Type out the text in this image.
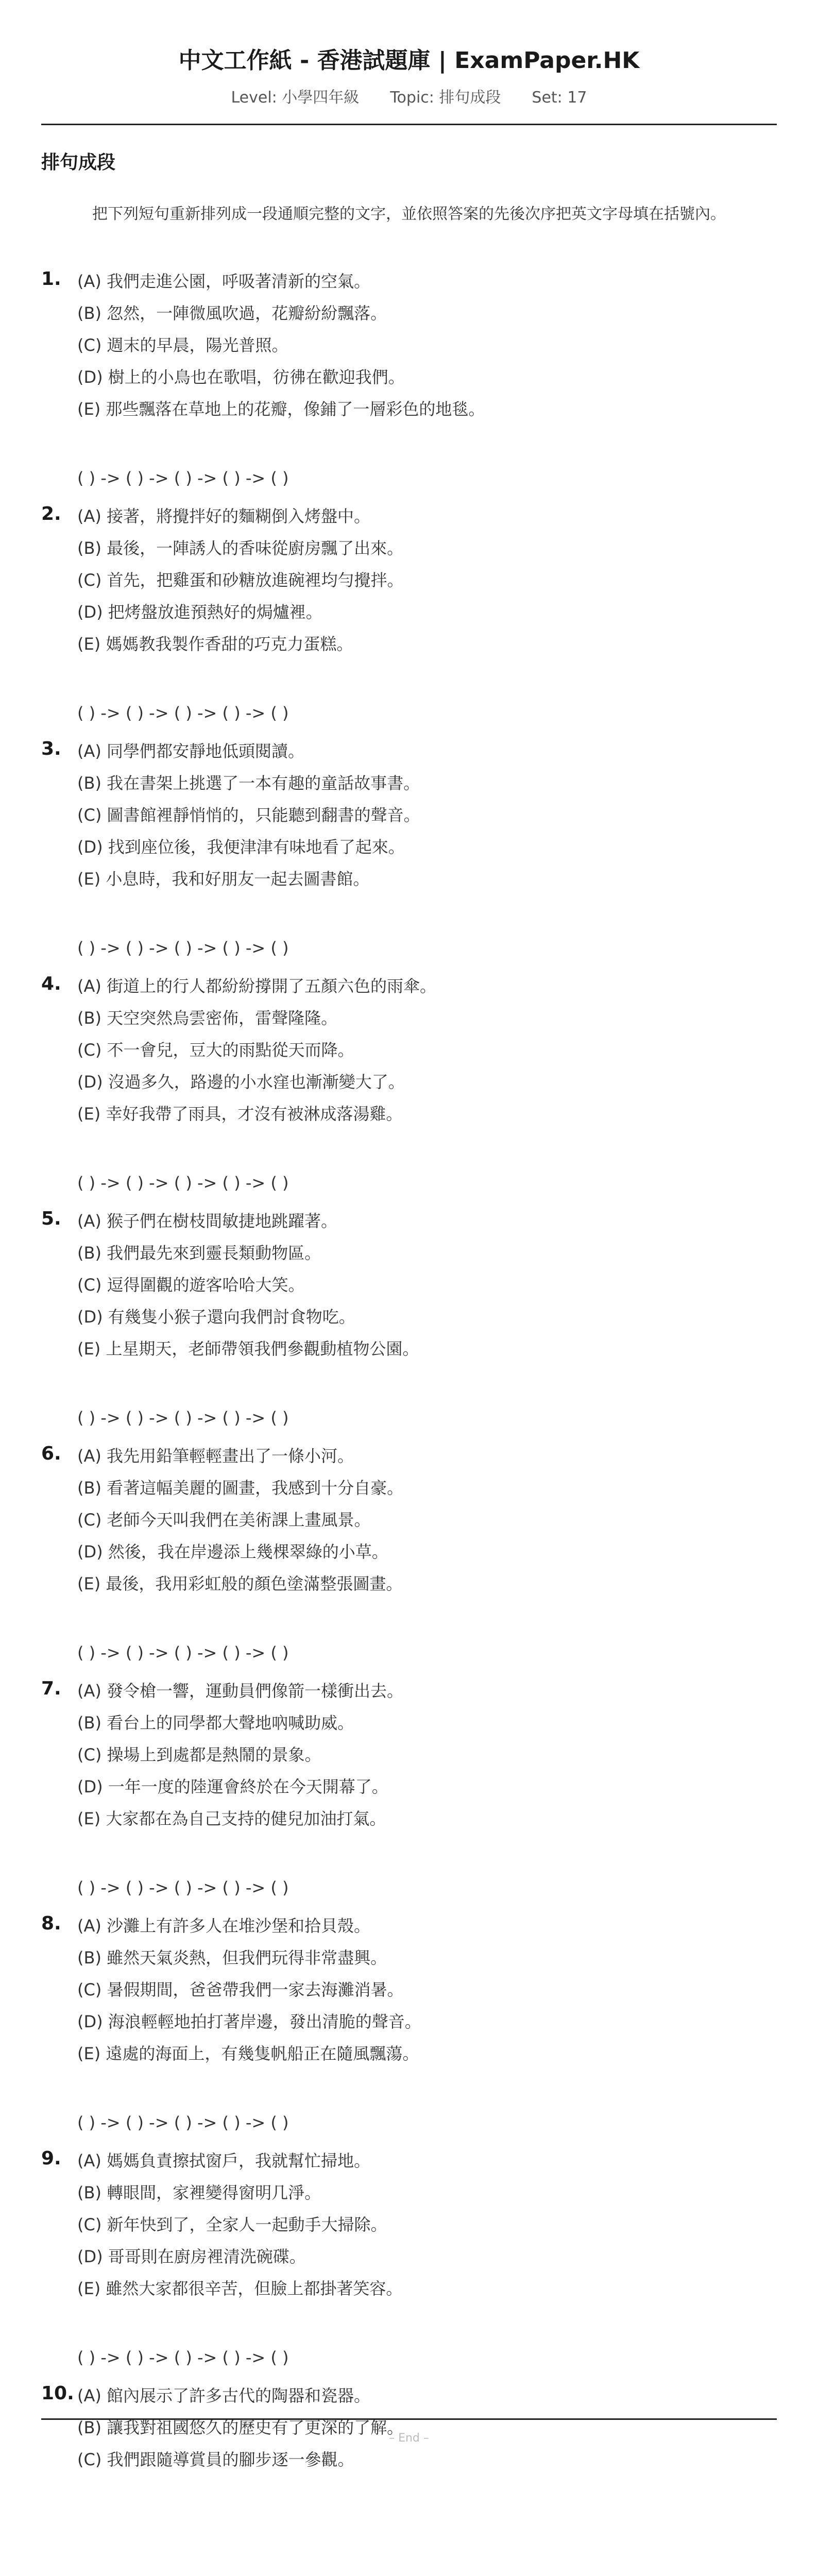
中文工作紙 - 香港試題庫 | ExamPaper.HK
Level: 小學四年級 Topic: 排句成段 Set: 17
排句成段
把下列短句重新排列成一段通順完整的文字，並依照答案的先後次序把英文字母填在括號內。
1. (A) 我們走進公園，呼吸著清新的空氣。
(B) 忽然，一陣微風吹過，花瓣紛紛飄落。
(C) 週末的早晨，陽光普照。
(D) 樹上的小鳥也在歌唱，彷彿在歡迎我們。
(E) 那些飄落在草地上的花瓣，像鋪了一層彩色的地毯。
( ) -> ( ) -> ( ) -> ( ) -> ( )
2. (A) 接著，將攪拌好的麵糊倒入烤盤中。
(B) 最後，一陣誘人的香味從廚房飄了出來。
(C) 首先，把雞蛋和砂糖放進碗裡均勻攪拌。
(D) 把烤盤放進預熱好的焗爐裡。
(E) 媽媽教我製作香甜的巧克力蛋糕。
( ) -> ( ) -> ( ) -> ( ) -> ( )
3. (A) 同學們都安靜地低頭閱讀。
(B) 我在書架上挑選了一本有趣的童話故事書。
(C) 圖書館裡靜悄悄的，只能聽到翻書的聲音。
(D) 找到座位後，我便津津有味地看了起來。
(E) 小息時，我和好朋友一起去圖書館。
( ) -> ( ) -> ( ) -> ( ) -> ( )
4. (A) 街道上的行人都紛紛撐開了五顏六色的雨傘。
(B) 天空突然烏雲密佈，雷聲隆隆。
(C) 不一會兒，豆大的雨點從天而降。
(D) 沒過多久，路邊的小水窪也漸漸變大了。
(E) 幸好我帶了雨具，才沒有被淋成落湯雞。
( ) -> ( ) -> ( ) -> ( ) -> ( )
5. (A) 猴子們在樹枝間敏捷地跳躍著。
(B) 我們最先來到靈長類動物區。
(C) 逗得圍觀的遊客哈哈大笑。
(D) 有幾隻小猴子還向我們討食物吃。
(E) 上星期天，老師帶領我們參觀動植物公園。
( ) -> ( ) -> ( ) -> ( ) -> ( )
6. (A) 我先用鉛筆輕輕畫出了一條小河。
(B) 看著這幅美麗的圖畫，我感到十分自豪。
(C) 老師今天叫我們在美術課上畫風景。
(D) 然後，我在岸邊添上幾棵翠綠的小草。
(E) 最後，我用彩虹般的顏色塗滿整張圖畫。
( ) -> ( ) -> ( ) -> ( ) -> ( )
7. (A) 發令槍一響，運動員們像箭一樣衝出去。
(B) 看台上的同學都大聲地吶喊助威。
(C) 操場上到處都是熱鬧的景象。
(D) 一年一度的陸運會終於在今天開幕了。
(E) 大家都在為自己支持的健兒加油打氣。
( ) -> ( ) -> ( ) -> ( ) -> ( )
8. (A) 沙灘上有許多人在堆沙堡和拾貝殼。
(B) 雖然天氣炎熱，但我們玩得非常盡興。
(C) 暑假期間，爸爸帶我們一家去海灘消暑。
(D) 海浪輕輕地拍打著岸邊，發出清脆的聲音。
(E) 遠處的海面上，有幾隻帆船正在隨風飄蕩。
( ) -> ( ) -> ( ) -> ( ) -> ( )
9. (A) 媽媽負責擦拭窗戶，我就幫忙掃地。
(B) 轉眼間，家裡變得窗明几淨。
(C) 新年快到了，全家人一起動手大掃除。
(D) 哥哥則在廚房裡清洗碗碟。
(E) 雖然大家都很辛苦，但臉上都掛著笑容。
( ) -> ( ) -> ( ) -> ( ) -> ( )
10. (A) 館內展示了許多古代的陶器和瓷器。
(B) 讓我對祖國悠久的歷史有了更深的了解。
(C) 我們跟隨導賞員的腳步逐一參觀。
– End –
